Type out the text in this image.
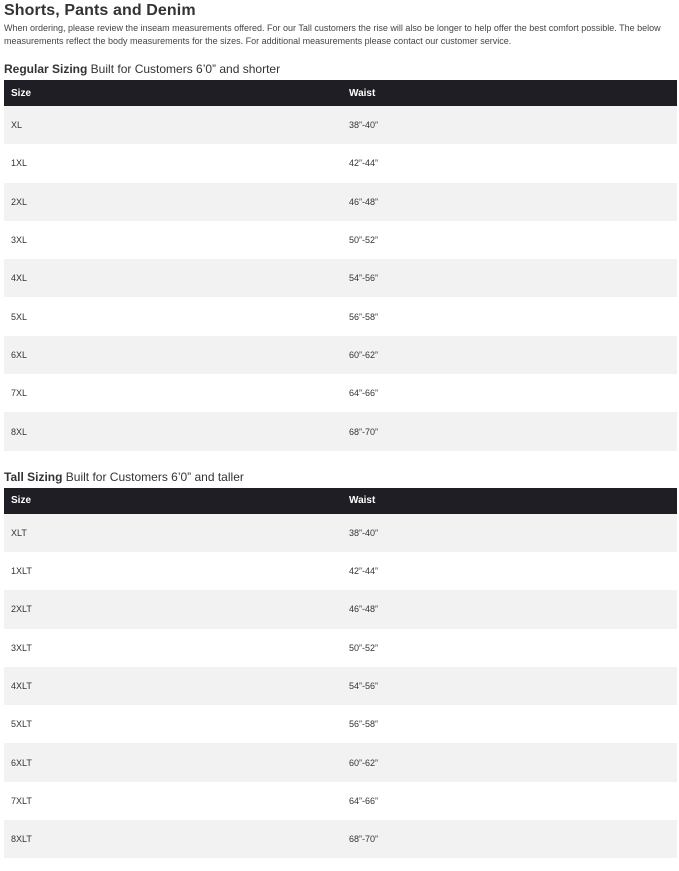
Shorts, Pants and Denim

When ordering, please review the inseam measurements offered. For our Tall customers the rise will also be longer to help offer the best comfort possible. The below measurements reflect the body measurements for the sizes. For additional measurements please contact our customer service.

Regular Sizing Built for Customers 6’0” and shorter
Size	Waist
XL	38”-40”
1XL	42”-44”
2XL	46”-48”
3XL	50”-52”
4XL	54”-56”
5XL	56”-58”
6XL	60”-62”
7XL	64”-66”
8XL	68”-70”
Tall Sizing Built for Customers 6’0” and taller
Size	Waist
XLT	38”-40”
1XLT	42”-44”
2XLT	46”-48”
3XLT	50”-52”
4XLT	54”-56”
5XLT	56”-58”
6XLT	60”-62”
7XLT	64”-66”
8XLT	68”-70”
